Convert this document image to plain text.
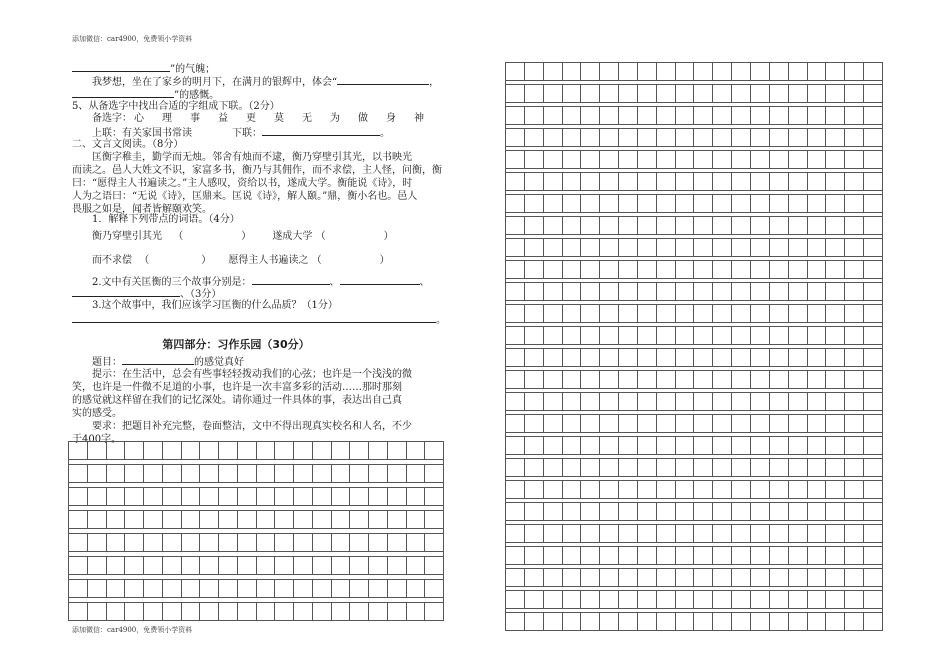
添加微信：car4900，免费领小学资料
添加微信：car4900，免费领小学资料
”的气魄；
我梦想，坐在了家乡的明月下，在满月的银辉中，体会“	，
”的感慨。
5、从备选字中找出合适的字组成下联。（2分）
备选字： 心 理 事 益 更 莫 无 为 做 身 神
上联：有关家国书常读	下联：	。
二、文言文阅读。（8分）
匡衡字稚圭，勤学而无烛。邻舍有烛而不逮，衡乃穿壁引其光，以书映光
而读之。邑人大姓文不识，家富多书，衡乃与其佣作，而不求偿，主人怪，问衡，衡
曰：“愿得主人书遍读之。”主人感叹，资给以书，遂成大学。衡能说《诗》，时
人为之语曰：“无说《诗》，匡鼎来。匡说《诗》，解人颐。”鼎，衡小名也。邑人
畏服之如是，闻者皆解颐欢笑。
1．解释下列带点的词语。（4分）
衡乃穿壁引其光 （	） 遂成大学 （	）
而不求偿 （	） 愿得主人书遍读之 （	）
2.文中有关匡衡的三个故事分别是：	、	、
、（3分）
3.这个故事中，我们应该学习匡衡的什么品质？（1分）
。
第四部分：习作乐园（30分）
题目：	的感觉真好
提示：在生活中，总会有些事轻轻拨动我们的心弦；也许是一个浅浅的微
笑，也许是一件微不足道的小事，也许是一次丰富多彩的活动……那时那刻
的感觉就这样留在我们的记忆深处。请你通过一件具体的事，表达出自己真
实的感受。
要求：把题目补充完整，卷面整洁，文中不得出现真实校名和人名，不少
于400字。
